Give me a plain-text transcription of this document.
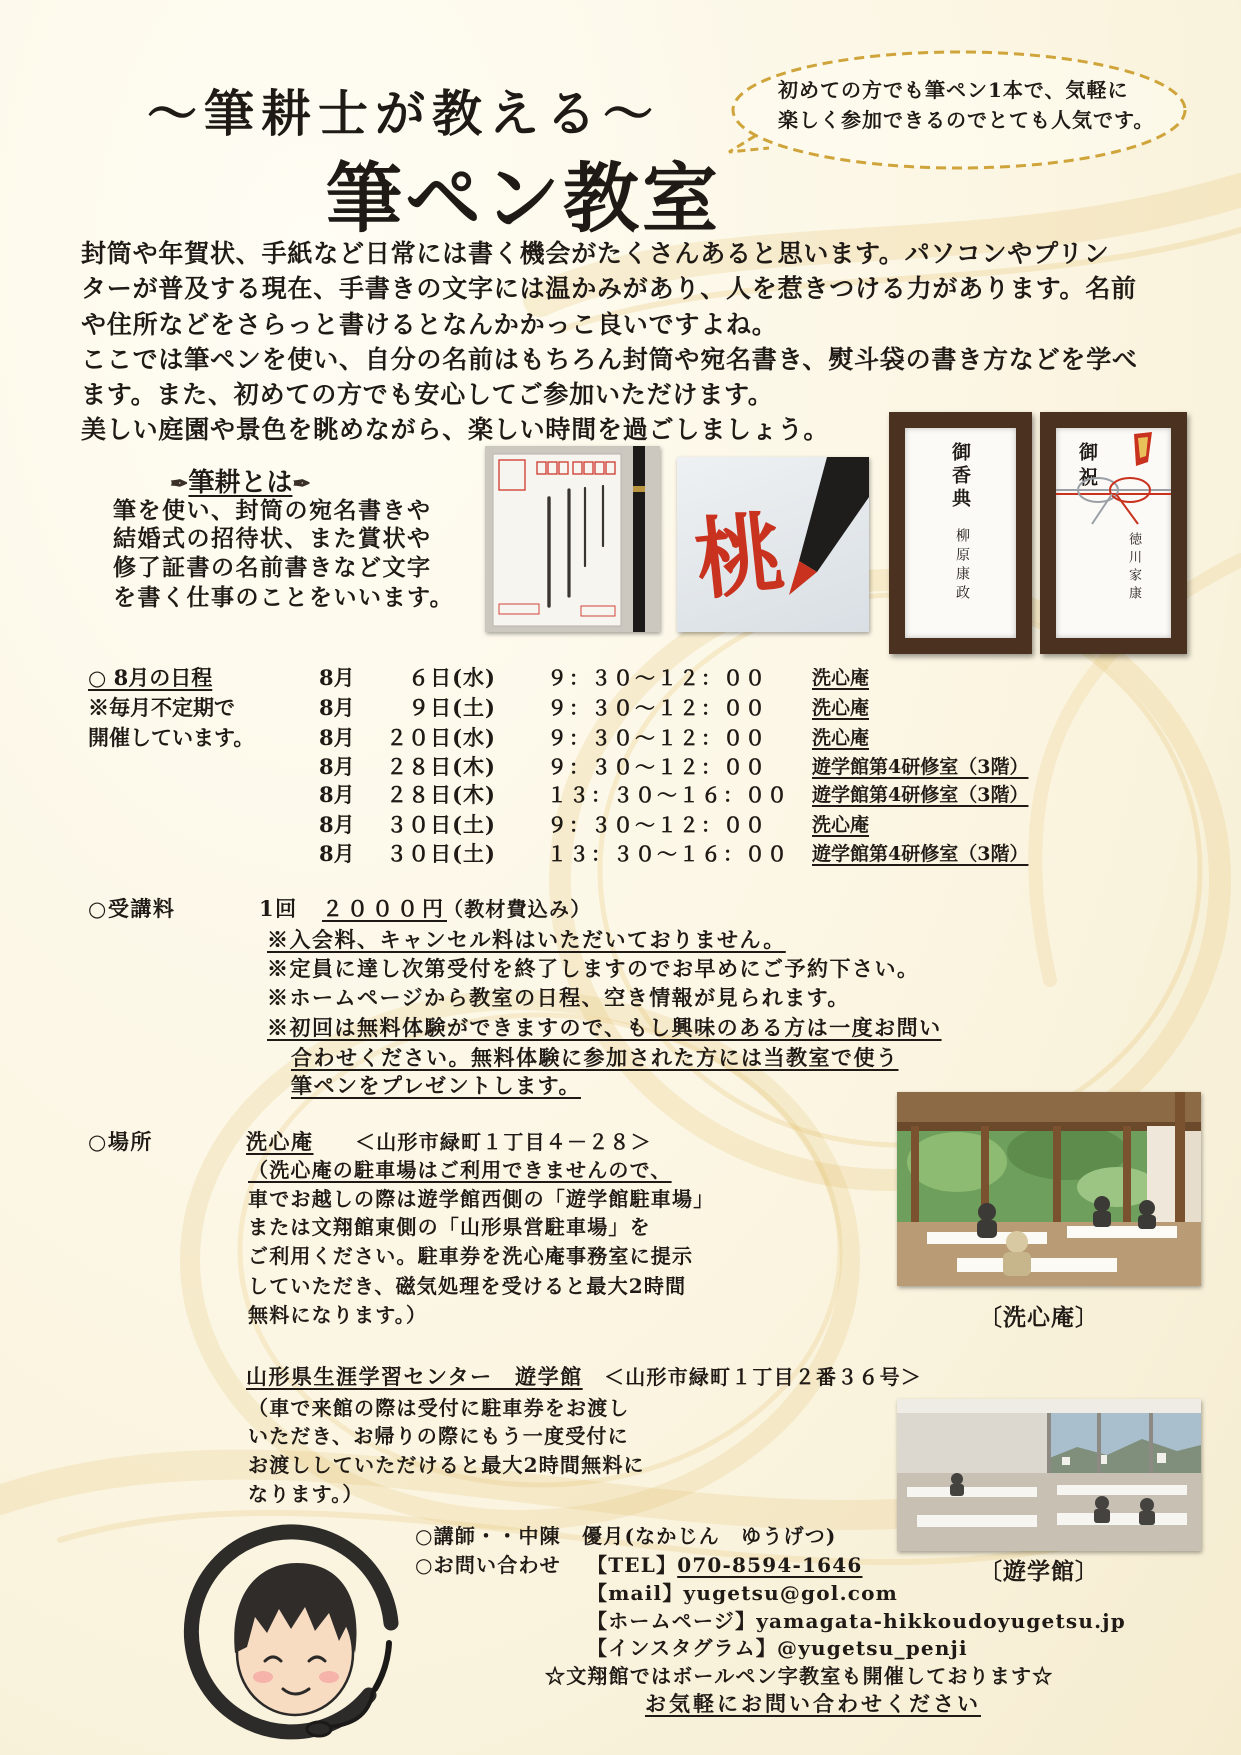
〜筆耕士が教える〜
筆ペン教室
初めての方でも筆ペン1本で、気軽に
楽しく参加できるのでとても人気です。
封筒や年賀状、手紙など日常には書く機会がたくさんあると思います。パソコンやプリン
ターが普及する現在、手書きの文字には温かみがあり、人を惹きつける力があります。名前
や住所などをさらっと書けるとなんかかっこ良いですよね。
ここでは筆ペンを使い、自分の名前はもちろん封筒や宛名書き、熨斗袋の書き方などを学べ
ます。また、初めての方でも安心してご参加いただけます。
美しい庭園や景色を眺めながら、楽しい時間を過ごしましょう。
✒筆耕とは✒
筆を使い、封筒の宛名書きや
結婚式の招待状、また賞状や
修了証書の名前書きなど文字
を書く仕事のことをいいます。	桃
御香典
柳原康政
御祝
徳川家康
○ 8月の日程
※毎月不定期で
開催しています。
8月	６日(水)	９：３０～１２：００ 洗心庵
8月	９日(土)	９：３０～１２：００ 洗心庵
8月	２０日(水)	９：３０～１２：００ 洗心庵
8月	２８日(木)	９：３０～１２：００ 遊学館第4研修室（3階）
8月	２８日(木)	１３：３０～１６：００ 遊学館第4研修室（3階）
8月	３０日(土)	９：３０～１２：００ 洗心庵
8月	３０日(土)	１３：３０～１６：００ 遊学館第4研修室（3階）
○受講料	1回 ２０００円
（教材費込み）
※入会料、キャンセル料はいただいておりません。
※定員に達し次第受付を終了しますのでお早めにご予約下さい。
※ホームページから教室の日程、空き情報が見られます。
※初回は無料体験ができますので、もし興味のある方は一度お問い
合わせください。無料体験に参加された方には当教室で使う
筆ペンをプレゼントします。
○場所	洗心庵 ＜山形市緑町１丁目４－２８＞
（洗心庵の駐車場はご利用できませんので、
車でお越しの際は遊学館西側の「遊学館駐車場」
または文翔館東側の「山形県営駐車場」を
ご利用ください。駐車券を洗心庵事務室に提示
していただき、磁気処理を受けると最大2時間
無料になります。）
山形県生涯学習センター　遊学館 ＜山形市緑町１丁目２番３６号＞
（車で来館の際は受付に駐車券をお渡し
いただき、お帰りの際にもう一度受付に
お渡ししていただけると最大2時間無料に
なります。）
〔洗心庵〕
〔遊学館〕
○講師・・中陳　優月(なかじん　ゆうげつ)
○お問い合わせ 【TEL】070-8594-1646
【mail】yugetsu@gol.com
【ホームページ】yamagata-hikkoudoyugetsu.jp
【インスタグラム】@yugetsu_penji
☆文翔館ではボールペン字教室も開催しております☆
お気軽にお問い合わせください
